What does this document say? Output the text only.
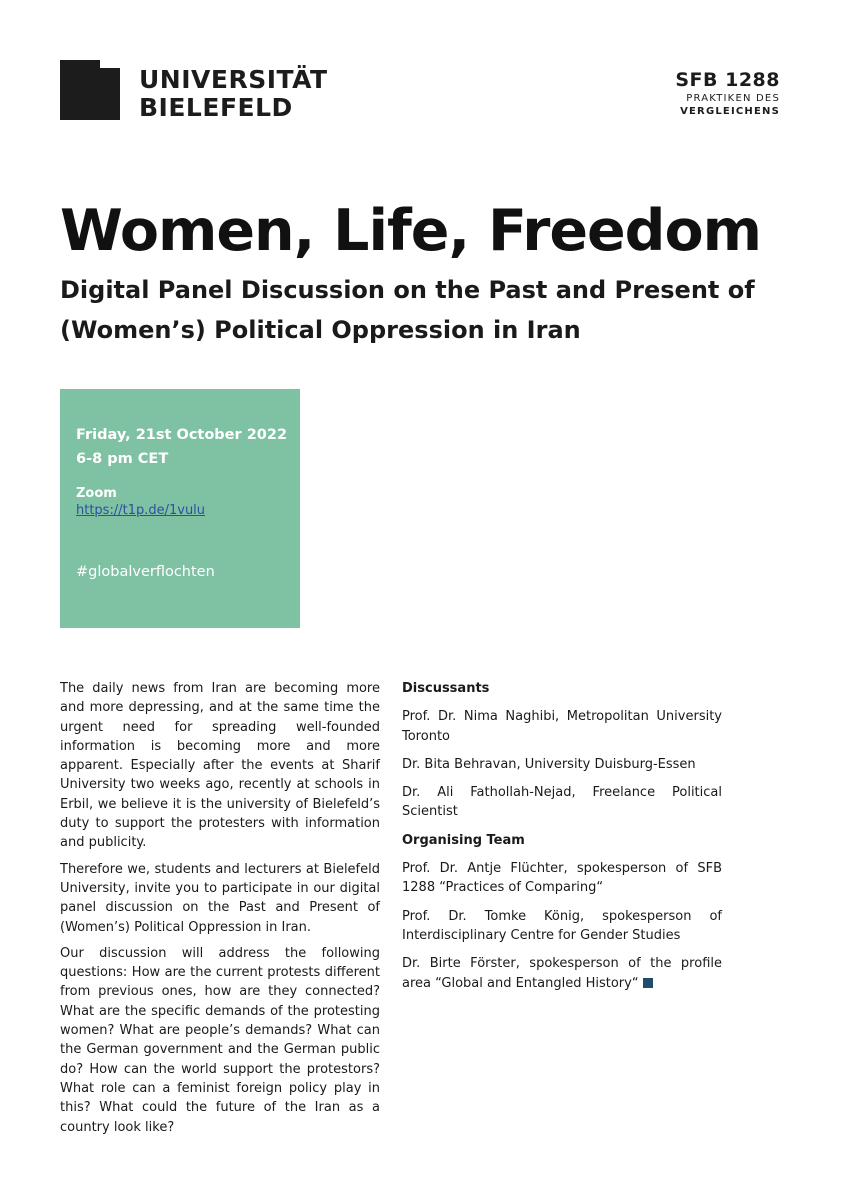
UNIVERSITÄT
BIELEFELD
SFB 1288
PRAKTIKEN DES
VERGLEICHENS
Women, Life, Freedom

Digital Panel Discussion on the Past and Present of (Women’s) Political Oppression in Iran

Friday, 21st October 2022
6-8 pm CET
Zoom
https://t1p.de/1vulu
#globalverflochten

The daily news from Iran are becoming more and more depressing, and at the same time the urgent need for spreading well-founded information is becoming more and more apparent. Especially after the events at Sharif University two weeks ago, recently at schools in Erbil, we believe it is the university of Bielefeld’s duty to support the protesters with information and publicity.

Therefore we, students and lecturers at Bielefeld University, invite you to participate in our digital panel discussion on the Past and Present of (Women’s) Political Oppression in Iran.

Our discussion will address the following questions: How are the current protests different from previous ones, how are they connected? What are the specific demands of the protesting women? What are people’s demands? What can the German government and the German public do? How can the world support the protestors? What role can a feminist foreign policy play in this? What could the future of the Iran as a country look like?

Discussants

Prof. Dr. Nima Naghibi, Metropolitan University Toronto

Dr. Bita Behravan, University Duisburg-Essen

Dr. Ali Fathollah-Nejad, Freelance Political Scientist

Organising Team

Prof. Dr. Antje Flüchter, spokesperson of SFB 1288 “Practices of Comparing“

Prof. Dr. Tomke König, spokesperson of Interdisciplinary Centre for Gender Studies

Dr. Birte Förster, spokesperson of the profile area “Global and Entangled History“
